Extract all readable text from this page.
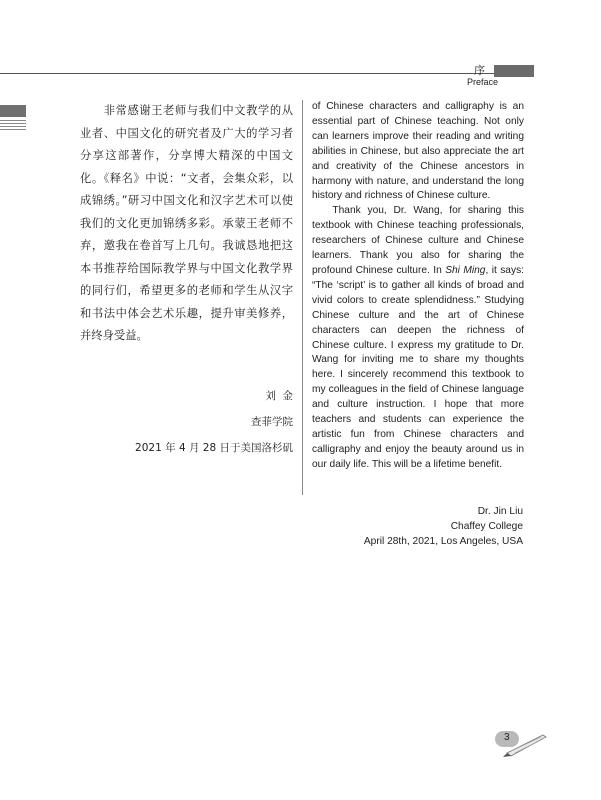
序
Preface

非常感谢王老师与我们中文教学的从业者、中国文化的研究者及广大的学习者分享这部著作，分享博大精深的中国文化。《释名》中说：“文者，会集众彩，以成锦绣。”研习中国文化和汉字艺术可以使我们的文化更加锦绣多彩。承蒙王老师不弃，邀我在卷首写上几句。我诚恳地把这本书推荐给国际教学界与中国文化教学界的同行们，希望更多的老师和学生从汉字和书法中体会艺术乐趣，提升审美修养，并终身受益。

刘  金
查菲学院
2021 年 4 月 28 日于美国洛杉矶

of Chinese characters and calligraphy is an essential part of Chinese teaching. Not only can learners improve their reading and writing abilities in Chinese, but also appreciate the art and creativity of the Chinese ancestors in harmony with nature, and understand the long history and richness of Chinese culture.

Thank you, Dr. Wang, for sharing this textbook with Chinese teaching professionals, researchers of Chinese culture and Chinese learners. Thank you also for sharing the profound Chinese culture. In Shi Ming, it says: “The ‘script’ is to gather all kinds of broad and vivid colors to create splendidness.” Studying Chinese culture and the art of Chinese characters can deepen the richness of Chinese culture. I express my gratitude to Dr. Wang for inviting me to share my thoughts here. I sincerely recommend this textbook to my colleagues in the field of Chinese language and culture instruction. I hope that more teachers and students can experience the artistic fun from Chinese characters and calligraphy and enjoy the beauty around us in our daily life. This will be a lifetime benefit.

Dr. Jin Liu
Chaffey College
April 28th, 2021, Los Angeles, USA
3
